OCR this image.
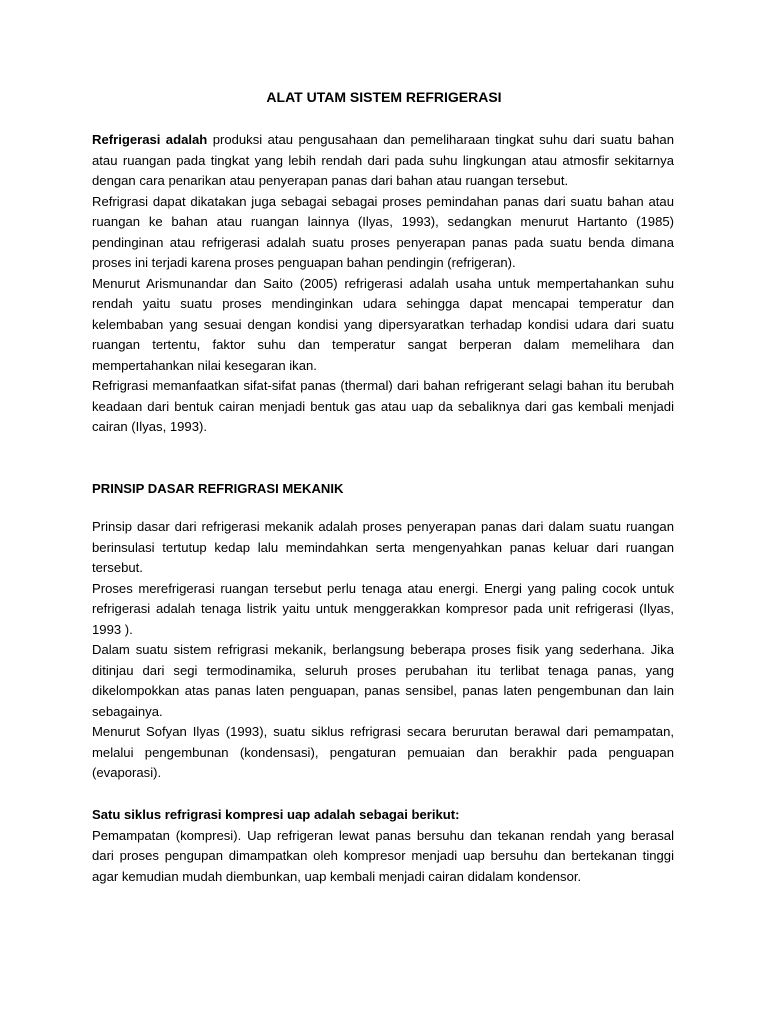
ALAT UTAM SISTEM REFRIGERASI

Refrigerasi adalah produksi atau pengusahaan dan pemeliharaan tingkat suhu dari suatu bahan atau ruangan pada tingkat yang lebih rendah dari pada suhu lingkungan atau atmosfir sekitarnya dengan cara penarikan atau penyerapan panas dari bahan atau ruangan tersebut.

Refrigrasi dapat dikatakan juga sebagai sebagai proses pemindahan panas dari suatu bahan atau ruangan ke bahan atau ruangan lainnya (Ilyas, 1993), sedangkan menurut Hartanto (1985) pendinginan atau refrigerasi adalah suatu proses penyerapan panas pada suatu benda dimana proses ini terjadi karena proses penguapan bahan pendingin (refrigeran).

Menurut Arismunandar dan Saito (2005) refrigerasi adalah usaha untuk mempertahankan suhu rendah yaitu suatu proses mendinginkan udara sehingga dapat mencapai temperatur dan kelembaban yang sesuai dengan kondisi yang dipersyaratkan terhadap kondisi udara dari suatu ruangan tertentu, faktor suhu dan temperatur sangat berperan dalam memelihara dan mempertahankan nilai kesegaran ikan.

Refrigrasi memanfaatkan sifat-sifat panas (thermal) dari bahan refrigerant selagi bahan itu berubah keadaan dari bentuk cairan menjadi bentuk gas atau uap da sebaliknya dari gas kembali menjadi cairan (Ilyas, 1993).

PRINSIP DASAR REFRIGRASI MEKANIK

Prinsip dasar dari refrigerasi mekanik adalah proses penyerapan panas dari dalam suatu ruangan berinsulasi tertutup kedap lalu memindahkan serta mengenyahkan panas keluar dari ruangan tersebut.

Proses merefrigerasi ruangan tersebut perlu tenaga atau energi. Energi yang paling cocok untuk refrigerasi adalah tenaga listrik yaitu untuk menggerakkan kompresor pada unit refrigerasi (Ilyas, 1993 ).

Dalam suatu sistem refrigrasi mekanik, berlangsung beberapa proses fisik yang sederhana. Jika ditinjau dari segi termodinamika, seluruh proses perubahan itu terlibat tenaga panas, yang dikelompokkan atas panas laten penguapan, panas sensibel, panas laten pengembunan dan lain sebagainya.

Menurut Sofyan Ilyas (1993), suatu siklus refrigrasi secara berurutan berawal dari pemampatan, melalui pengembunan (kondensasi), pengaturan pemuaian dan berakhir pada penguapan (evaporasi).

Satu siklus refrigrasi kompresi uap adalah sebagai berikut:

Pemampatan (kompresi). Uap refrigeran lewat panas bersuhu dan tekanan rendah yang berasal dari proses pengupan dimampatkan oleh kompresor menjadi uap bersuhu dan bertekanan tinggi agar kemudian mudah diembunkan, uap kembali menjadi cairan didalam kondensor.
